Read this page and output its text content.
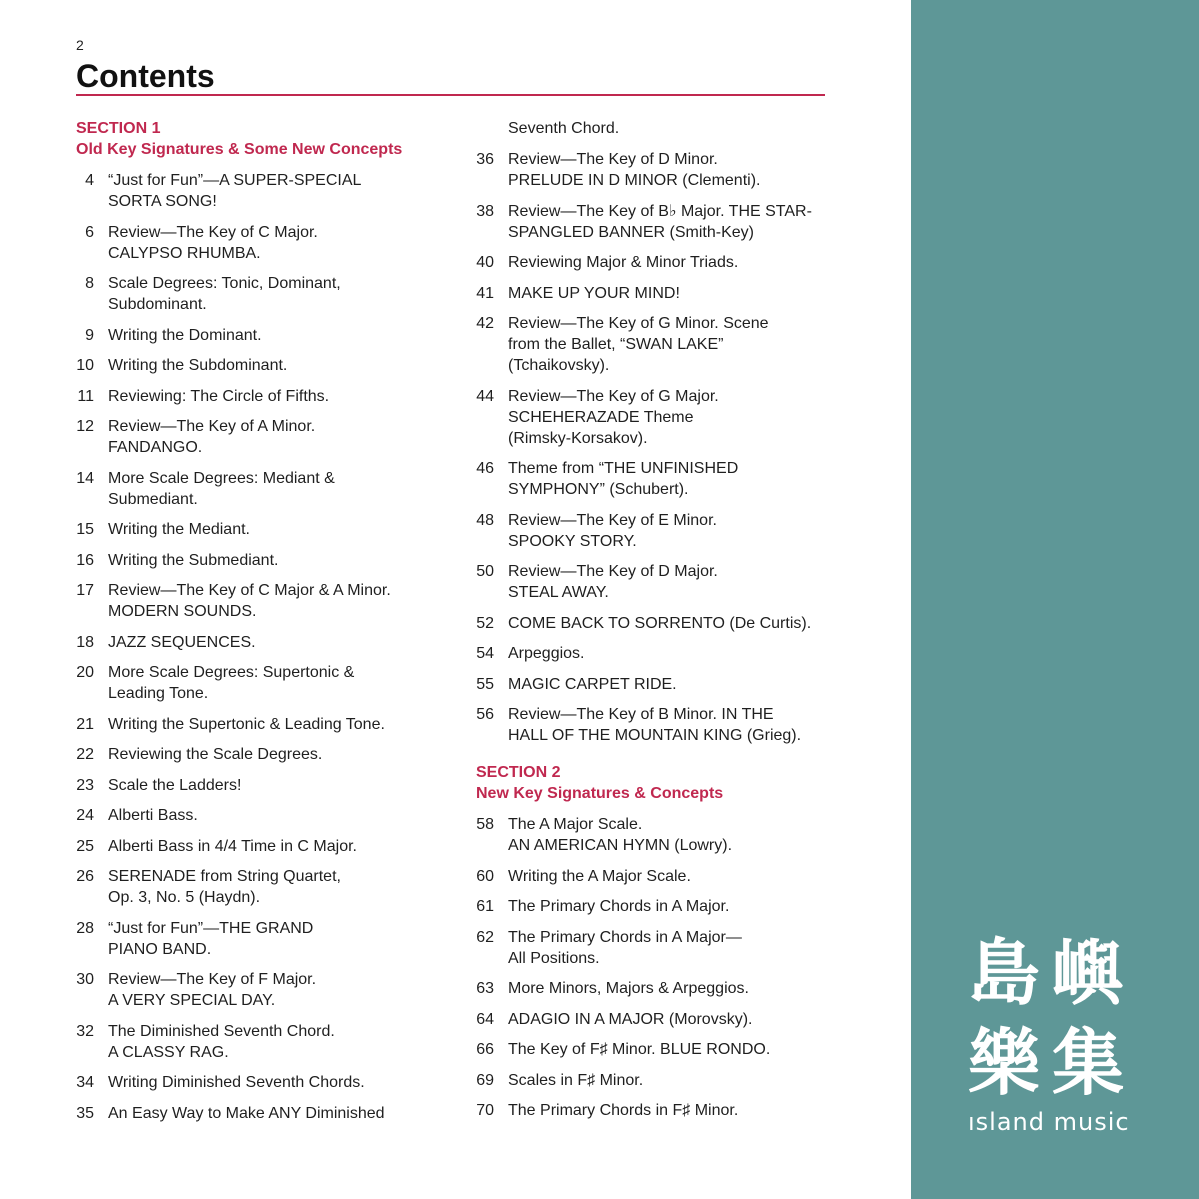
2
Contents
SECTION 1
Old Key Signatures & Some New Concepts
4 “Just for Fun”—A SUPER-SPECIAL
SORTA SONG!
6 Review—The Key of C Major.
CALYPSO RHUMBA.
8 Scale Degrees: Tonic, Dominant,
Subdominant.
9 Writing the Dominant.
10 Writing the Subdominant.
11 Reviewing: The Circle of Fifths.
12 Review—The Key of A Minor.
FANDANGO.
14 More Scale Degrees: Mediant &
Submediant.
15 Writing the Mediant.
16 Writing the Submediant.
17 Review—The Key of C Major & A Minor.
MODERN SOUNDS.
18 JAZZ SEQUENCES.
20 More Scale Degrees: Supertonic &
Leading Tone.
21 Writing the Supertonic & Leading Tone.
22 Reviewing the Scale Degrees.
23 Scale the Ladders!
24 Alberti Bass.
25 Alberti Bass in 4/4 Time in C Major.
26 SERENADE from String Quartet,
Op. 3, No. 5 (Haydn).
28 “Just for Fun”—THE GRAND
PIANO BAND.
30 Review—The Key of F Major.
A VERY SPECIAL DAY.
32 The Diminished Seventh Chord.
A CLASSY RAG.
34 Writing Diminished Seventh Chords.
35 An Easy Way to Make ANY Diminished
Seventh Chord.
36 Review—The Key of D Minor.
PRELUDE IN D MINOR (Clementi).
38 Review—The Key of B♭ Major. THE STAR-
SPANGLED BANNER (Smith-Key)
40 Reviewing Major & Minor Triads.
41 MAKE UP YOUR MIND!
42 Review—The Key of G Minor. Scene
from the Ballet, “SWAN LAKE”
(Tchaikovsky).
44 Review—The Key of G Major.
SCHEHERAZADE Theme
(Rimsky-Korsakov).
46 Theme from “THE UNFINISHED
SYMPHONY” (Schubert).
48 Review—The Key of E Minor.
SPOOKY STORY.
50 Review—The Key of D Major.
STEAL AWAY.
52 COME BACK TO SORRENTO (De Curtis).
54 Arpeggios.
55 MAGIC CARPET RIDE.
56 Review—The Key of B Minor. IN THE
HALL OF THE MOUNTAIN KING (Grieg).
SECTION 2
New Key Signatures & Concepts
58 The A Major Scale.
AN AMERICAN HYMN (Lowry).
60 Writing the A Major Scale.
61 The Primary Chords in A Major.
62 The Primary Chords in A Major—
All Positions.
63 More Minors, Majors & Arpeggios.
64 ADAGIO IN A MAJOR (Morovsky).
66 The Key of F♯ Minor. BLUE RONDO.
69 Scales in F♯ Minor.
70 The Primary Chords in F♯ Minor.
島嶼
樂集
ısland music
